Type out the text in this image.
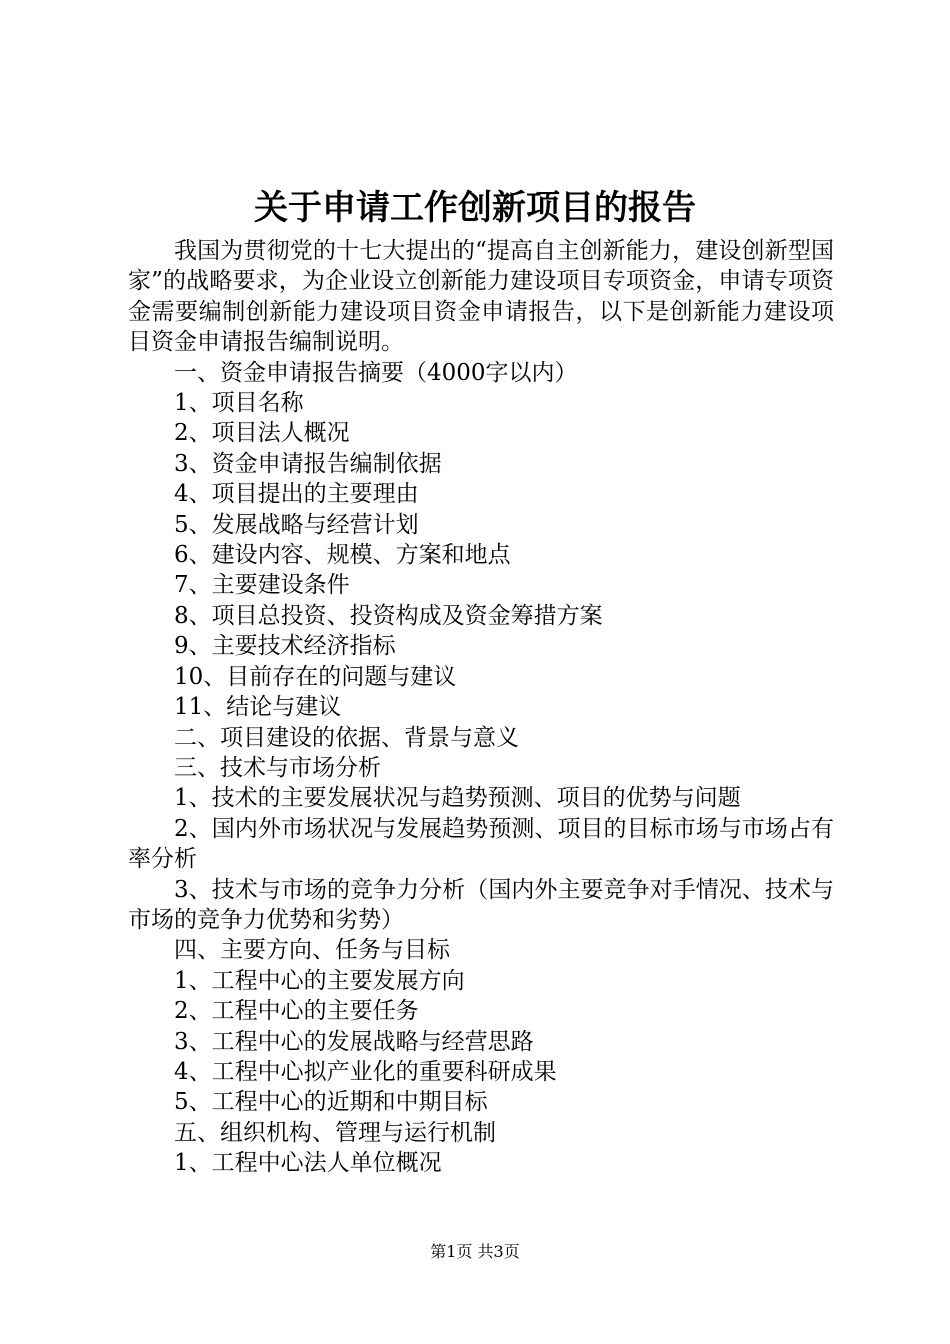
关于申请工作创新项目的报告

我国为贯彻党的十七大提出的“提高自主创新能力，建设创新型国家”的战略要求，为企业设立创新能力建设项目专项资金，申请专项资金需要编制创新能力建设项目资金申请报告，以下是创新能力建设项目资金申请报告编制说明。

一、资金申请报告摘要（4000字以内）

1、项目名称

2、项目法人概况

3、资金申请报告编制依据

4、项目提出的主要理由

5、发展战略与经营计划

6、建设内容、规模、方案和地点

7、主要建设条件

8、项目总投资、投资构成及资金筹措方案

9、主要技术经济指标

10、目前存在的问题与建议

11、结论与建议

二、项目建设的依据、背景与意义

三、技术与市场分析

1、技术的主要发展状况与趋势预测、项目的优势与问题

2、国内外市场状况与发展趋势预测、项目的目标市场与市场占有率分析

3、技术与市场的竞争力分析（国内外主要竞争对手情况、技术与市场的竞争力优势和劣势）

四、主要方向、任务与目标

1、工程中心的主要发展方向

2、工程中心的主要任务

3、工程中心的发展战略与经营思路

4、工程中心拟产业化的重要科研成果

5、工程中心的近期和中期目标

五、组织机构、管理与运行机制

1、工程中心法人单位概况

第1页 共3页
